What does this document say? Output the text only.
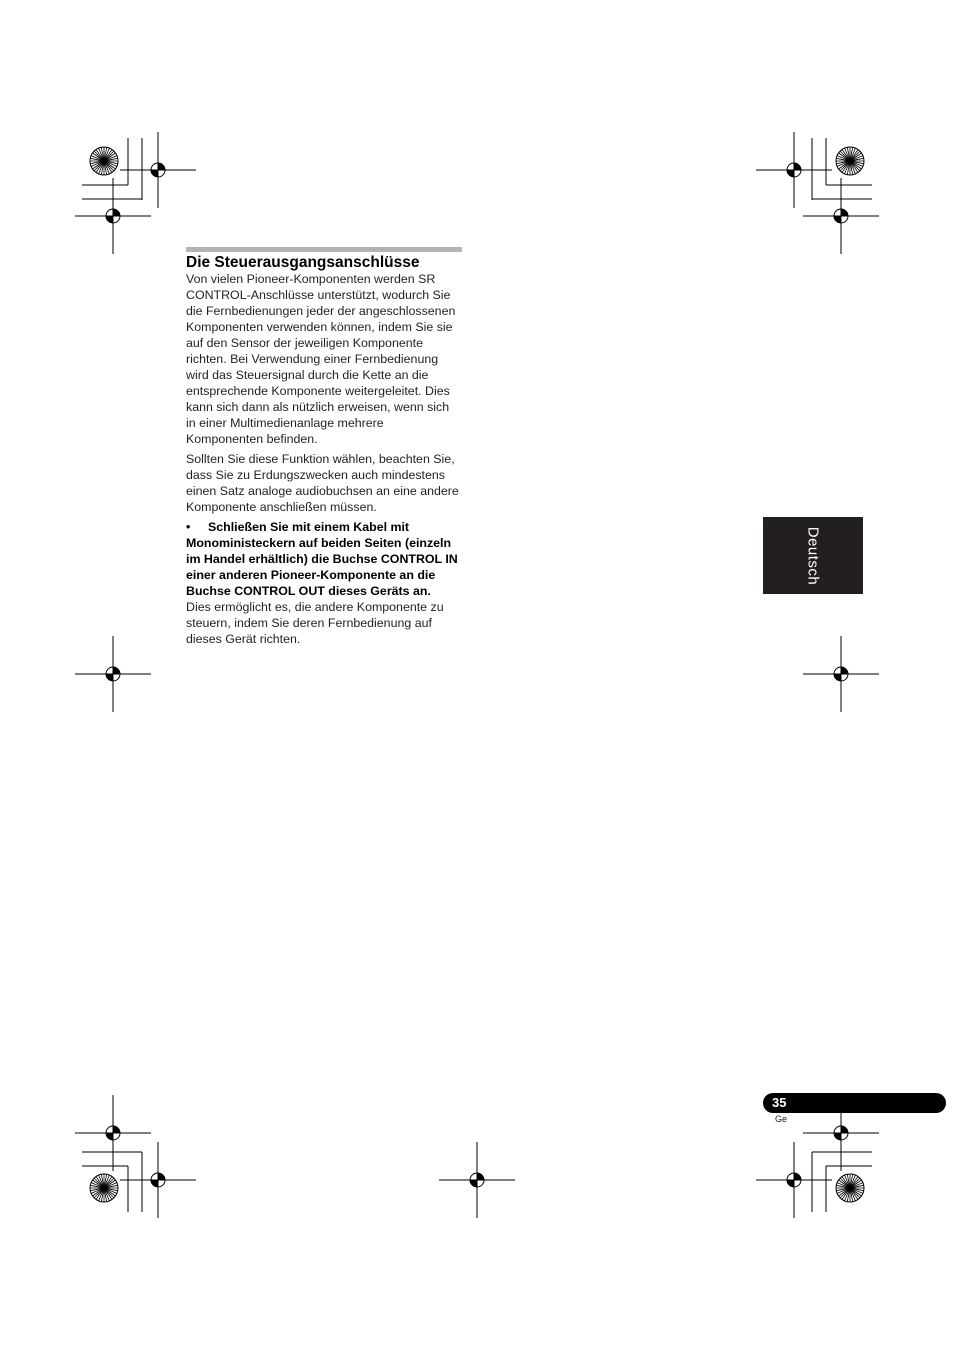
Die Steuerausgangsanschlüsse

Von vielen Pioneer-Komponenten werden SR CONTROL-Anschlüsse unterstützt, wodurch Sie die Fernbedienungen jeder der angeschlossenen Komponenten verwenden können, indem Sie sie auf den Sensor der jeweiligen Komponente richten. Bei Verwendung einer Fernbedienung wird das Steuersignal durch die Kette an die entsprechende Komponente weitergeleitet. Dies kann sich dann als nützlich erweisen, wenn sich in einer Multimedienanlage mehrere Komponenten befinden.

Sollten Sie diese Funktion wählen, beachten Sie, dass Sie zu Erdungszwecken auch mindestens einen Satz analoge audiobuchsen an eine andere Komponente anschließen müssen.

• Schließen Sie mit einem Kabel mit Monoministeckern auf beiden Seiten (einzeln im Handel erhältlich) die Buchse CONTROL IN einer anderen Pioneer-Komponente an die Buchse CONTROL OUT dieses Geräts an.

Dies ermöglicht es, die andere Komponente zu steuern, indem Sie deren Fernbedienung auf dieses Gerät richten.

Deutsch
35
Ge
